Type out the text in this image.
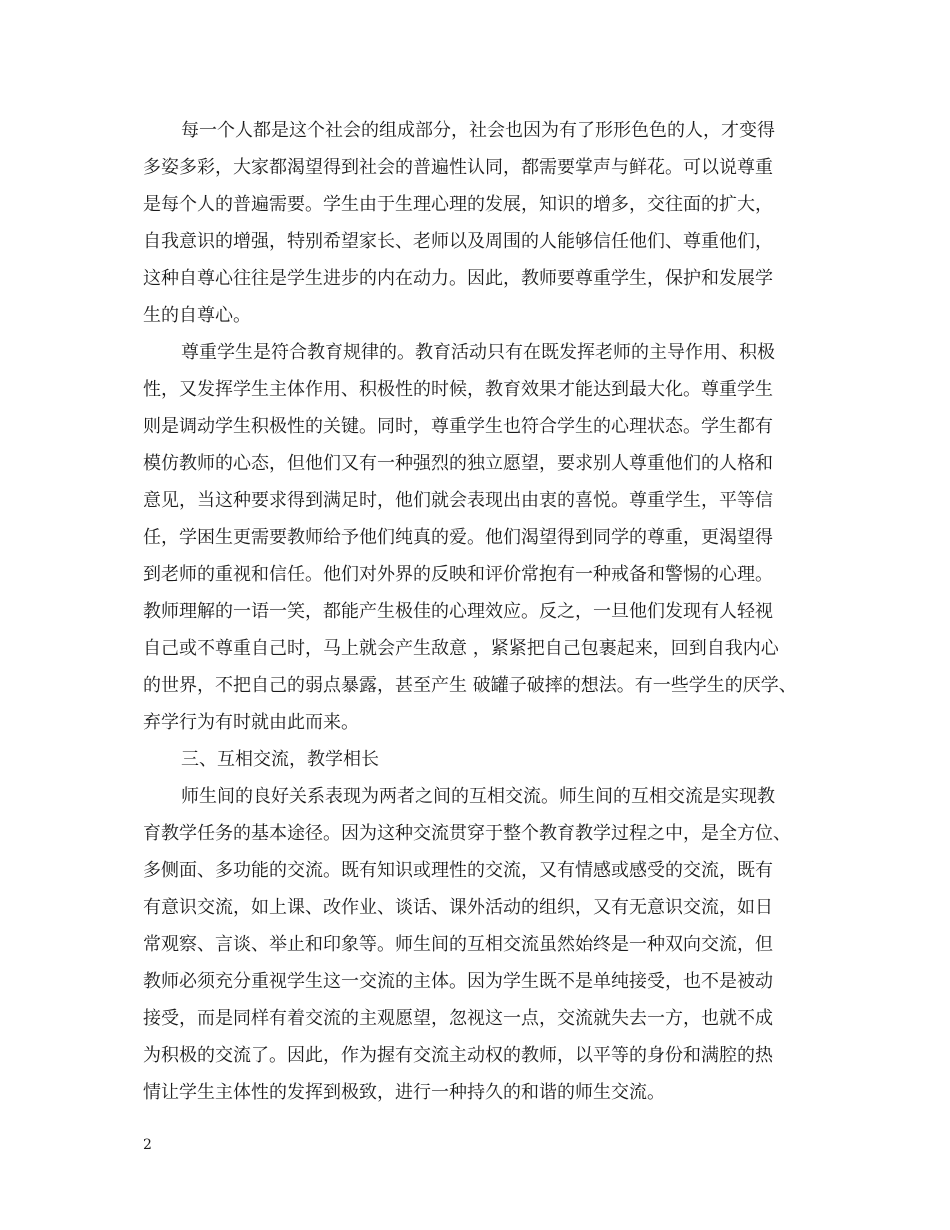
每一个人都是这个社会的组成部分，社会也因为有了形形色色的人，才变得
多姿多彩，大家都渴望得到社会的普遍性认同，都需要掌声与鲜花。可以说尊重
是每个人的普遍需要。学生由于生理心理的发展，知识的增多，交往面的扩大，
自我意识的增强，特别希望家长、老师以及周围的人能够信任他们、尊重他们，
这种自尊心往往是学生进步的内在动力。因此，教师要尊重学生，保护和发展学
生的自尊心。
尊重学生是符合教育规律的。教育活动只有在既发挥老师的主导作用、积极
性，又发挥学生主体作用、积极性的时候，教育效果才能达到最大化。尊重学生
则是调动学生积极性的关键。同时，尊重学生也符合学生的心理状态。学生都有
模仿教师的心态，但他们又有一种强烈的独立愿望，要求别人尊重他们的人格和
意见，当这种要求得到满足时，他们就会表现出由衷的喜悦。尊重学生，平等信
任，学困生更需要教师给予他们纯真的爱。他们渴望得到同学的尊重，更渴望得
到老师的重视和信任。他们对外界的反映和评价常抱有一种戒备和警惕的心理。
教师理解的一语一笑，都能产生极佳的心理效应。反之，一旦他们发现有人轻视
自己或不尊重自己时，马上就会产生敌意 ，紧紧把自己包裹起来，回到自我内心
的世界，不把自己的弱点暴露，甚至产生 破罐子破摔的想法。有一些学生的厌学、
弃学行为有时就由此而来。
三、互相交流，教学相长
师生间的良好关系表现为两者之间的互相交流。师生间的互相交流是实现教
育教学任务的基本途径。因为这种交流贯穿于整个教育教学过程之中，是全方位、
多侧面、多功能的交流。既有知识或理性的交流，又有情感或感受的交流，既有
有意识交流，如上课、改作业、谈话、课外活动的组织，又有无意识交流，如日
常观察、言谈、举止和印象等。师生间的互相交流虽然始终是一种双向交流，但
教师必须充分重视学生这一交流的主体。因为学生既不是单纯接受，也不是被动
接受，而是同样有着交流的主观愿望，忽视这一点，交流就失去一方，也就不成
为积极的交流了。因此，作为握有交流主动权的教师，以平等的身份和满腔的热
情让学生主体性的发挥到极致，进行一种持久的和谐的师生交流。
2
